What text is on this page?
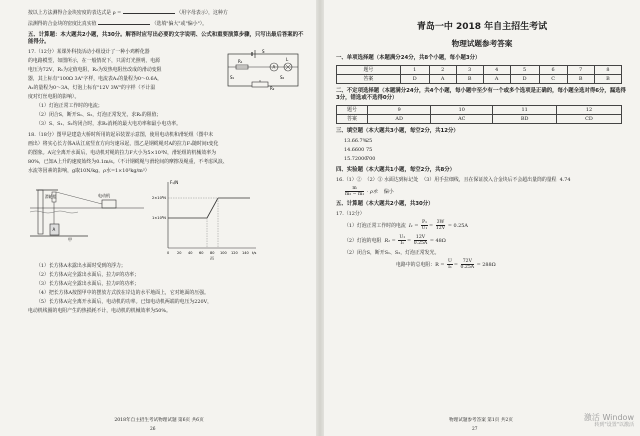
按以上方法测得合金块密度的表达式是 ρ =	（用字母表示），这种方

法测得的合金块的密度比真实值	（选填"偏大"或"偏小"）。

五、计算题：本大题共2小题，共30分。解答时应写出必要的文字说明、公式和重要演算步骤，只写出最后答案的不能得分。

17.（12分）某课外科技活动小组设计了一种小鸡孵化器

的电路模型，如图所示，在一般情况下，只需灯光照明，电源

电压为72V，R₁为定值电阻，R₂为发热电阻丝改成的滑动变阻

器，其上标有"100Ω 3A"字样，电流表A₁的量程为0～0.6A，

A₂的量程为0～3A，灯泡上标有"12V 3W"的字样（不计温

度对灯丝电阻的影响）。

S
R₁
A
L
R₂
S₁	S₂

（1）灯泡正常工作时的电流；

（2）闭合S，断开S₁、S₂，灯泡正常发光，求R₁的阻值；

（3）S、S₁、S₂均闭合时，求R₂消耗的最大电功率和最小电功率。

18.（18分）图甲是建造大桥时所用的起吊装置示意图，使用电动机和滑轮组（图中未

画出）将实心长方体A从江底竖直方向匀速吊起，图乙是钢缆绳对A的拉力F₁随时间t变化

的图象。A完全离开水面后，电动机对绳的拉力F大小为5×10³N，滑轮组的机械效率为

80%，已知A上升的速度始终为0.1m/s。（不计钢缆绳与滑轮间的摩擦及绳重，不考虑风浪、

水流等因素的影响，g取10N/kg，ρ水=1×10³kg/m³）

滑轮组
A
电动机
甲
F₁/N
2×10⁴N
1×10⁴N
0 20 40 60 80 100 120 140 t/s
丙

（1）长方体A未露出水面时受到的浮力；

（2）长方体A完全露出水面后，拉力F的功率；

（3）长方体A完全露出水面后，拉力F的功率；

（4）把长方体A按图甲中的摆放方式放在岸边的水平地面上，它对地面的压强。

（5）长方体A完全离开水面后，电动机的功率。已知电动机两端的电压为220V，

电动机线圈的电阻产生的热损耗不计，电动机的机械效率为50%。

2018年自主招生考试物理试题 第6页 共6页
26
青岛一中 2018 年自主招生考试
物理试题参考答案

一、单项选择题（本题满分24分，共8个小题，每小题3分）

题号	1	2	3	4	5	6	7	8
答案	D	A	B	A	D	C	B	B

二、不定项选择题（本题满分24分，共4个小题，每小题中至少有一个或多个选项是正确的，每小题全选对得6分，漏选得3分，错选或不选得0分）

题号	9	10	11	12
答案	AD	AC	BD	CD

三、填空题（本大题共3小题，每空2分，共12分）

13.66.7%
25
14.6600 75
15.72000
700

四、实验题（本大题共1小题，每空2分，共8分）

16.（1）② （2）③ 水面达到标记处 （3）用手拉细线，且在保证放入合金块后不会超出量筒的量程 4.74

$\frac{m}{\text{m₂ − m₁}} \cdot \rho$水 偏小

五、计算题（本大题共2小题，共30分）

17.（12分）

（1）灯泡正常工作时的电流 $I_1 = \frac{\text{P₁}}{\text{U₁}} = \frac{3W}{12V} = 0.25A$

（2）灯泡的电阻 $R_1 = \frac{\text{U₁}}{\text{I₁}} = \frac{12V}{0.25A} = 48\Omega$

（2）闭合S，断开S₁、S₂，灯泡正常发光。

电路中的总电阻：$R = \frac{U}{\text{I₁}} = \frac{72V}{0.25A} = 288\Omega$

物理试题参考答案 第1页 共2页
27
激活 Window
转到"设置"以激活
